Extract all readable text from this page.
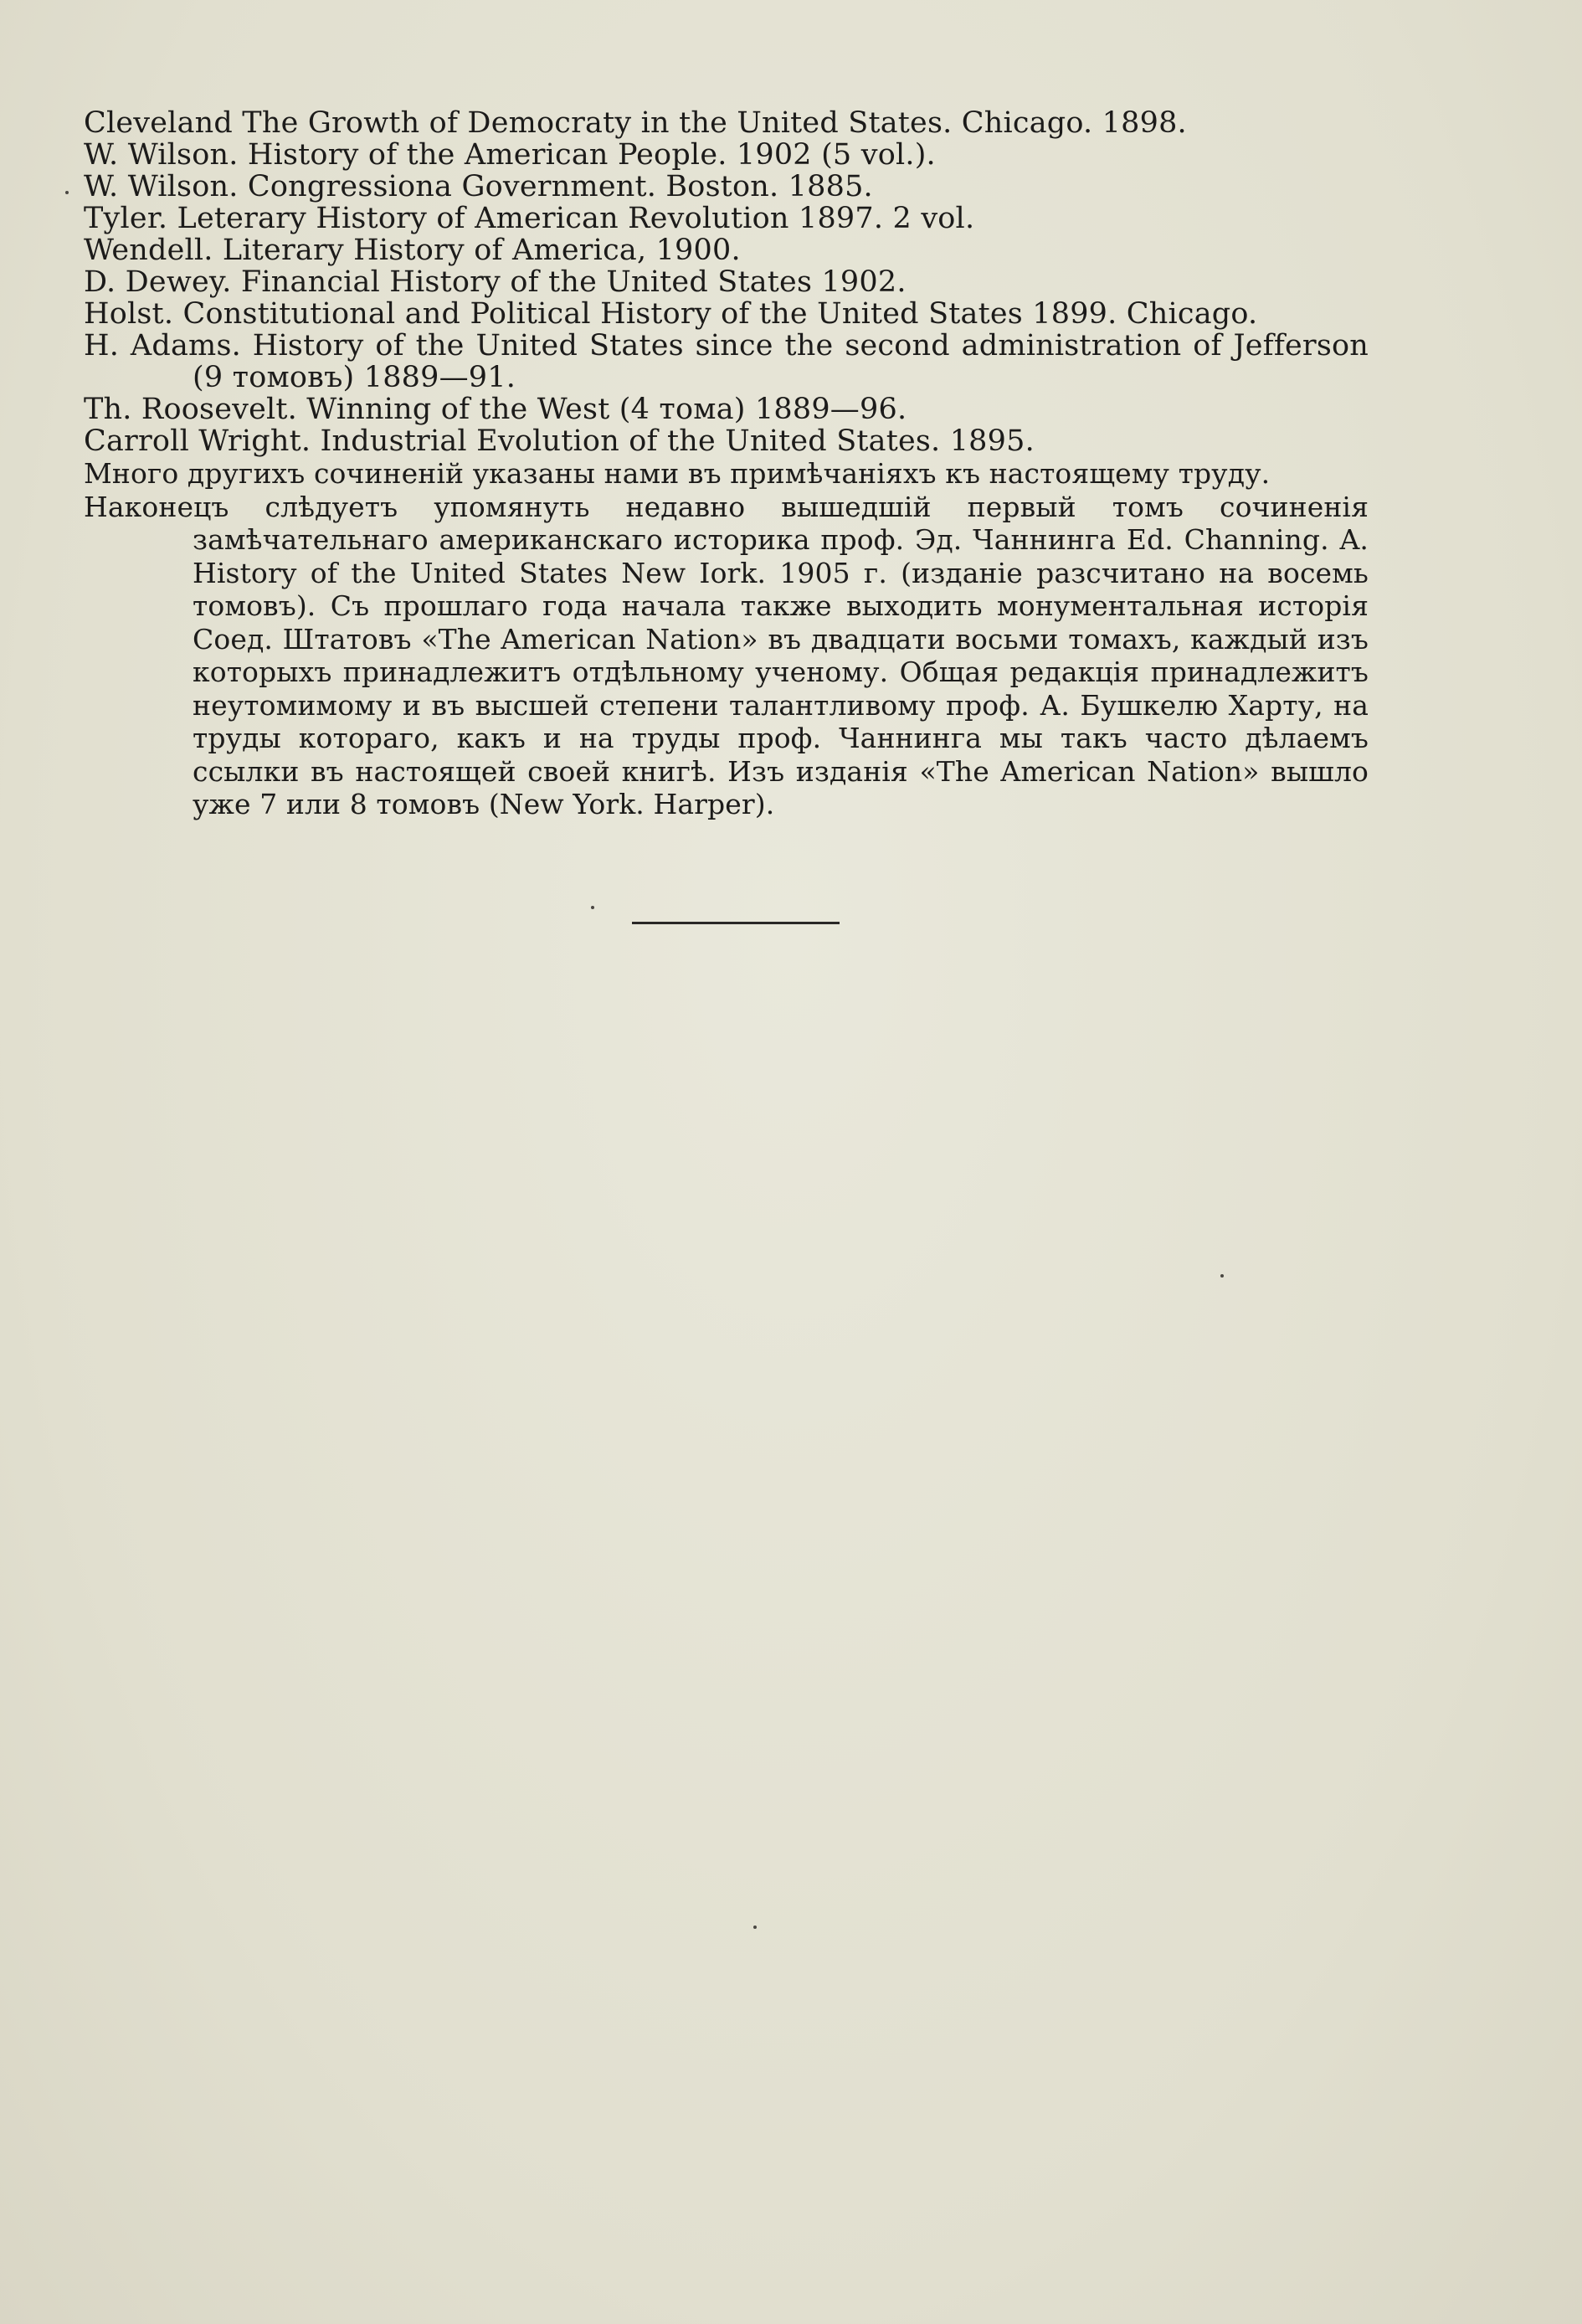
Cleveland The Growth of Democraty in the United States. Chicago. 1898.
W. Wilson. History of the American People. 1902 (5 vol.).
W. Wilson. Congressiona Government. Boston. 1885.
Tyler. Leterary History of American Revolution 1897. 2 vol.
Wendell. Literary History of America, 1900.
D. Dewey. Financial History of the United States 1902.
Holst. Constitutional and Political History of the United States 1899. Chicago.
H. Adams. History of the United States since the second administration of Jefferson (9 томовъ) 1889—91.
Th. Roosevelt. Winning of the West (4 тома) 1889—96.
Carroll Wright. Industrial Evolution of the United States. 1895.

Много другихъ сочиненій указаны нами въ примѣчаніяхъ къ настоящему труду.

Наконецъ слѣдуетъ упомянуть недавно вышедшій первый томъ сочиненія замѣчательнаго американскаго историка проф. Эд. Чаннинга Ed. Channing. A. History of the United States New Iork. 1905 г. (изданіе разсчитано на восемь томовъ). Съ прошлаго года начала также выходить монументальная исторія Соед. Штатовъ «The American Nation» въ двадцати восьми томахъ, каждый изъ которыхъ принадлежитъ отдѣльному ученому. Общая редакція принадлежитъ неутомимому и въ высшей степени талантливому проф. А. Бушкелю Харту, на труды котораго, какъ и на труды проф. Чаннинга мы такъ часто дѣлаемъ ссылки въ настоящей своей книгѣ. Изъ изданія «The American Nation» вышло уже 7 или 8 томовъ (New York. Harper).
